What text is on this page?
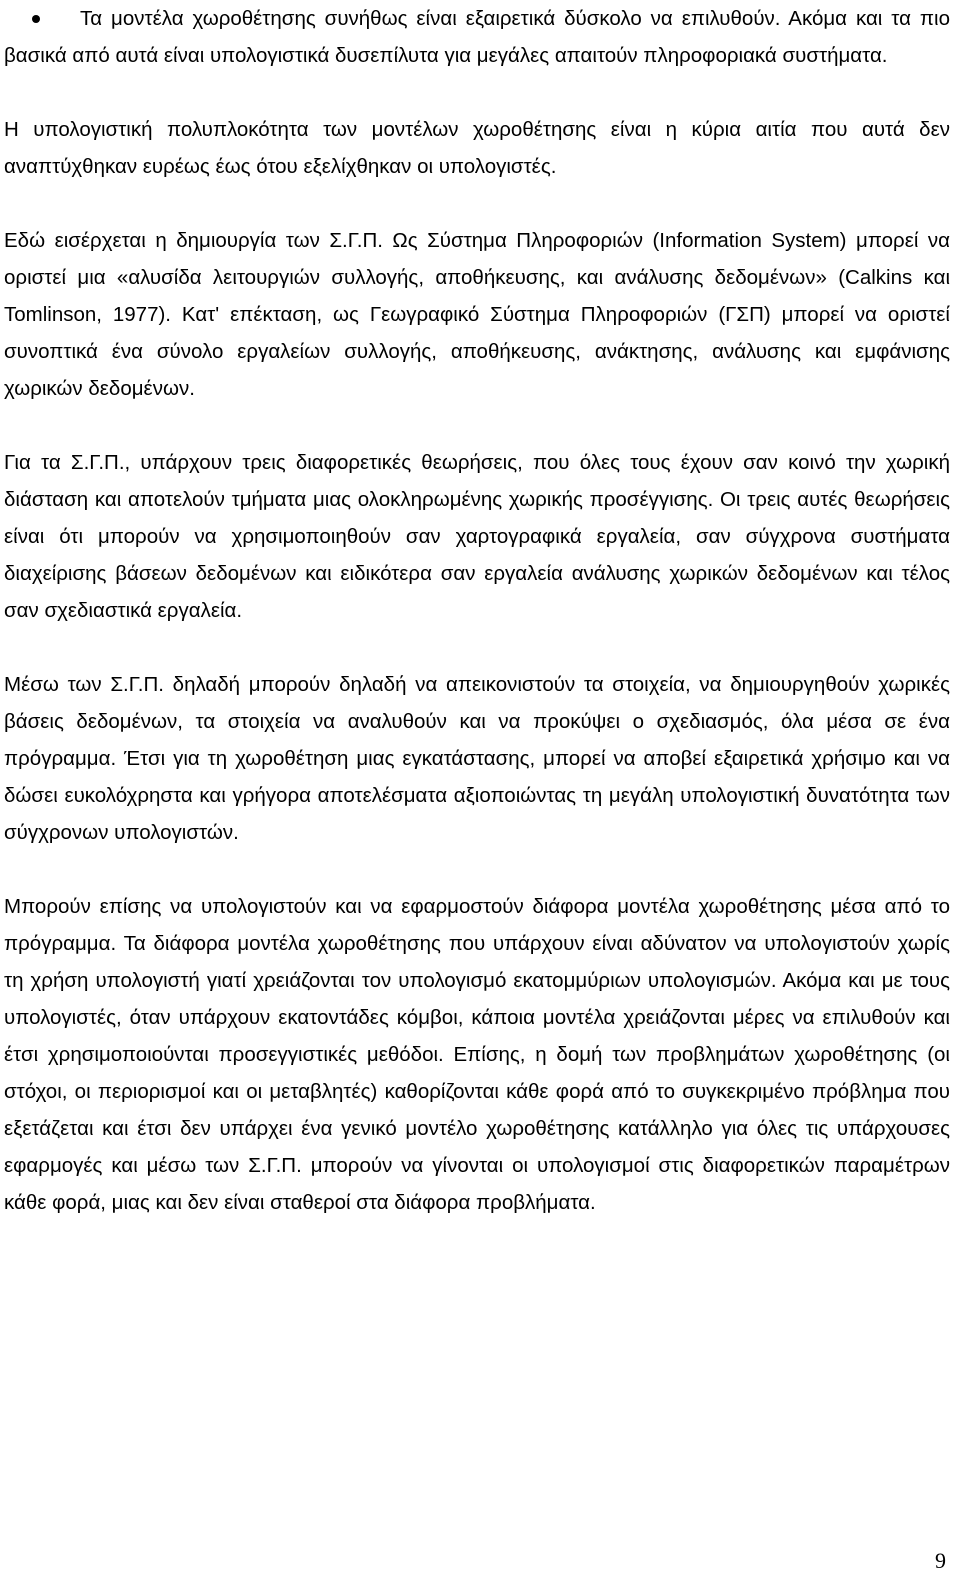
Τα μοντέλα χωροθέτησης συνήθως είναι εξαιρετικά δύσκολο να επιλυθούν. Ακόμα και τα πιο βασικά από αυτά είναι υπολογιστικά δυσεπίλυτα για μεγάλες απαιτούν πληροφοριακά συστήματα.

Η υπολογιστική πολυπλοκότητα των μοντέλων χωροθέτησης είναι η κύρια αιτία που αυτά δεν αναπτύχθηκαν ευρέως έως ότου εξελίχθηκαν οι υπολογιστές.

Εδώ εισέρχεται η δημιουργία των Σ.Γ.Π. Ως Σύστημα Πληροφοριών (Information System) μπορεί να οριστεί μια «αλυσίδα λειτουργιών συλλογής, αποθήκευσης, και ανάλυσης δεδομένων» (Calkins και Tomlinson, 1977). Κατ' επέκταση, ως Γεωγραφικό Σύστημα Πληροφοριών (ΓΣΠ) μπορεί να οριστεί συνοπτικά ένα σύνολο εργαλείων συλλογής, αποθήκευσης, ανάκτησης, ανάλυσης και εμφάνισης χωρικών δεδομένων.

Για τα Σ.Γ.Π., υπάρχουν τρεις διαφορετικές θεωρήσεις, που όλες τους έχουν σαν κοινό την χωρική διάσταση και αποτελούν τμήματα μιας ολοκληρωμένης χωρικής προσέγγισης. Οι τρεις αυτές θεωρήσεις είναι ότι μπορούν να χρησιμοποιηθούν σαν χαρτογραφικά εργαλεία, σαν σύγχρονα συστήματα διαχείρισης βάσεων δεδομένων και ειδικότερα σαν εργαλεία ανάλυσης χωρικών δεδομένων και τέλος σαν σχεδιαστικά εργαλεία.

Μέσω των Σ.Γ.Π. δηλαδή μπορούν δηλαδή να απεικονιστούν τα στοιχεία, να δημιουργηθούν χωρικές βάσεις δεδομένων, τα στοιχεία να αναλυθούν και να προκύψει ο σχεδιασμός, όλα μέσα σε ένα πρόγραμμα. Έτσι για τη χωροθέτηση μιας εγκατάστασης, μπορεί να αποβεί εξαιρετικά χρήσιμο και να δώσει ευκολόχρηστα και γρήγορα αποτελέσματα αξιοποιώντας τη μεγάλη υπολογιστική δυνατότητα των σύγχρονων υπολογιστών.

Μπορούν επίσης να υπολογιστούν και να εφαρμοστούν διάφορα μοντέλα χωροθέτησης μέσα από το πρόγραμμα. Τα διάφορα μοντέλα χωροθέτησης που υπάρχουν είναι αδύνατον να υπολογιστούν χωρίς τη χρήση υπολογιστή γιατί χρειάζονται τον υπολογισμό εκατομμύριων υπολογισμών. Ακόμα και με τους υπολογιστές, όταν υπάρχουν εκατοντάδες κόμβοι, κάποια μοντέλα χρειάζονται μέρες να επιλυθούν και έτσι χρησιμοποιούνται προσεγγιστικές μεθόδοι. Επίσης, η δομή των προβλημάτων χωροθέτησης (οι στόχοι, οι περιορισμοί και οι μεταβλητές) καθορίζονται κάθε φορά από το συγκεκριμένο πρόβλημα που εξετάζεται και έτσι δεν υπάρχει ένα γενικό μοντέλο χωροθέτησης κατάλληλο για όλες τις υπάρχουσες εφαρμογές και μέσω των Σ.Γ.Π. μπορούν να γίνονται οι υπολογισμοί στις διαφορετικών παραμέτρων κάθε φορά, μιας και δεν είναι σταθεροί στα διάφορα προβλήματα.

9
